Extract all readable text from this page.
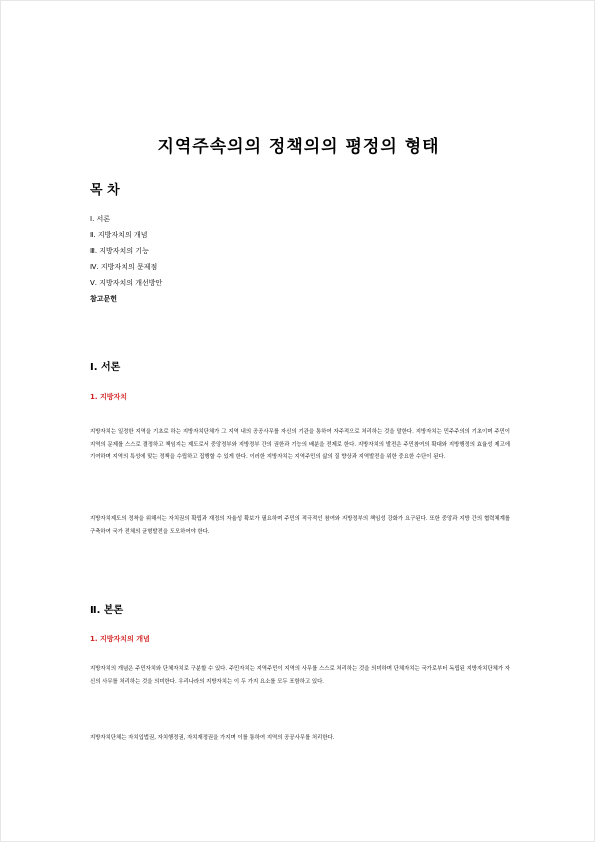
지역주속의의 정책의의 평정의 형태
목 차
Ⅰ. 서론
Ⅱ. 지방자치의 개념
Ⅲ. 지방자치의 기능
Ⅳ. 지방자치의 문제점
Ⅴ. 지방자치의 개선방안
참고문헌
Ⅰ. 서론
1. 지방자치

지방자치는 일정한 지역을 기초로 하는 지방자치단체가 그 지역 내의 공공사무를 자신의 기관을 통하여 자주적으로 처리하는 것을 말한다. 지방자치는 민주주의의 기초이며 주민이 지역의 문제를 스스로 결정하고 책임지는 제도로서 중앙정부와 지방정부 간의 권한과 기능의 배분을 전제로 한다. 지방자치의 발전은 주민참여의 확대와 지방행정의 효율성 제고에 기여하며 지역의 특성에 맞는 정책을 수립하고 집행할 수 있게 한다. 이러한 지방자치는 지역주민의 삶의 질 향상과 지역발전을 위한 중요한 수단이 된다.

지방자치제도의 정착을 위해서는 자치권의 확립과 재정의 자율성 확보가 필요하며 주민의 적극적인 참여와 지방정부의 책임성 강화가 요구된다. 또한 중앙과 지방 간의 협력체계를 구축하여 국가 전체의 균형발전을 도모하여야 한다.

Ⅱ. 본론
1. 지방자치의 개념

지방자치의 개념은 주민자치와 단체자치로 구분할 수 있다. 주민자치는 지역주민이 지역의 사무를 스스로 처리하는 것을 의미하며 단체자치는 국가로부터 독립된 지방자치단체가 자신의 사무를 처리하는 것을 의미한다. 우리나라의 지방자치는 이 두 가지 요소를 모두 포함하고 있다.

지방자치단체는 자치입법권, 자치행정권, 자치재정권을 가지며 이를 통하여 지역의 공공사무를 처리한다.
